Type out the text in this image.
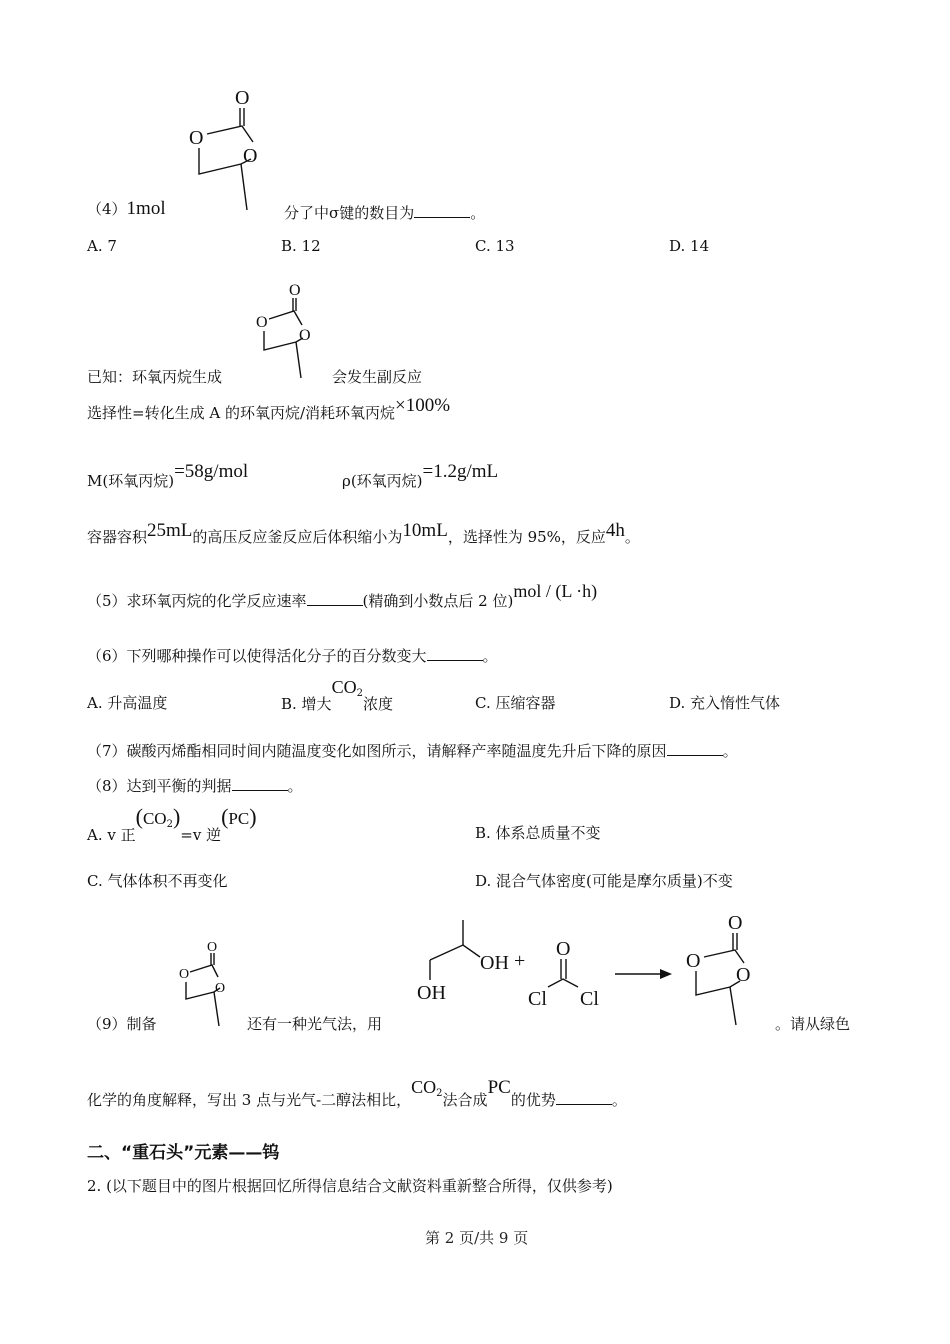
O
O
O
（4）1mol	分了中σ键的数目为	。
A. 7	B. 12	C. 13	D. 14
O
O
O
已知：环氧丙烷生成	会发生副反应
选择性=转化生成 A 的环氧丙烷/消耗环氧丙烷×100%
M(环氧丙烷)=58g/mol	ρ(环氧丙烷)=1.2g/mL
容器容积25mL的高压反应釜反应后体积缩小为10mL，选择性为 95%，反应4h。
（5）求环氧丙烷的化学反应速率	(精确到小数点后 2 位)mol / (L ·h)
（6）下列哪种操作可以使得活化分子的百分数变大	。
A. 升高温度	B. 增大$CO_2$浓度	C. 压缩容器	D. 充入惰性气体
（7）碳酸丙烯酯相同时间内随温度变化如图所示，请解释产率随温度先升后下降的原因	。
（8）达到平衡的判据	。
A. v 正$(CO_2)=v$ 逆(PC)
B. 体系总质量不变
C. 气体体积不再变化	D. 混合气体密度(可能是摩尔质量)不变
O
O
O
（9）制备	还有一种光气法，用
OH
OH
+
O
Cl Cl
O
O
O
。请从绿色
化学的角度解释，写出 3 点与光气-二醇法相比，$CO_2$法合成PC的优势	。
二、“重石头”元素——钨
2. (以下题目中的图片根据回忆所得信息结合文献资料重新整合所得，仅供参考)
第 2 页/共 9 页
